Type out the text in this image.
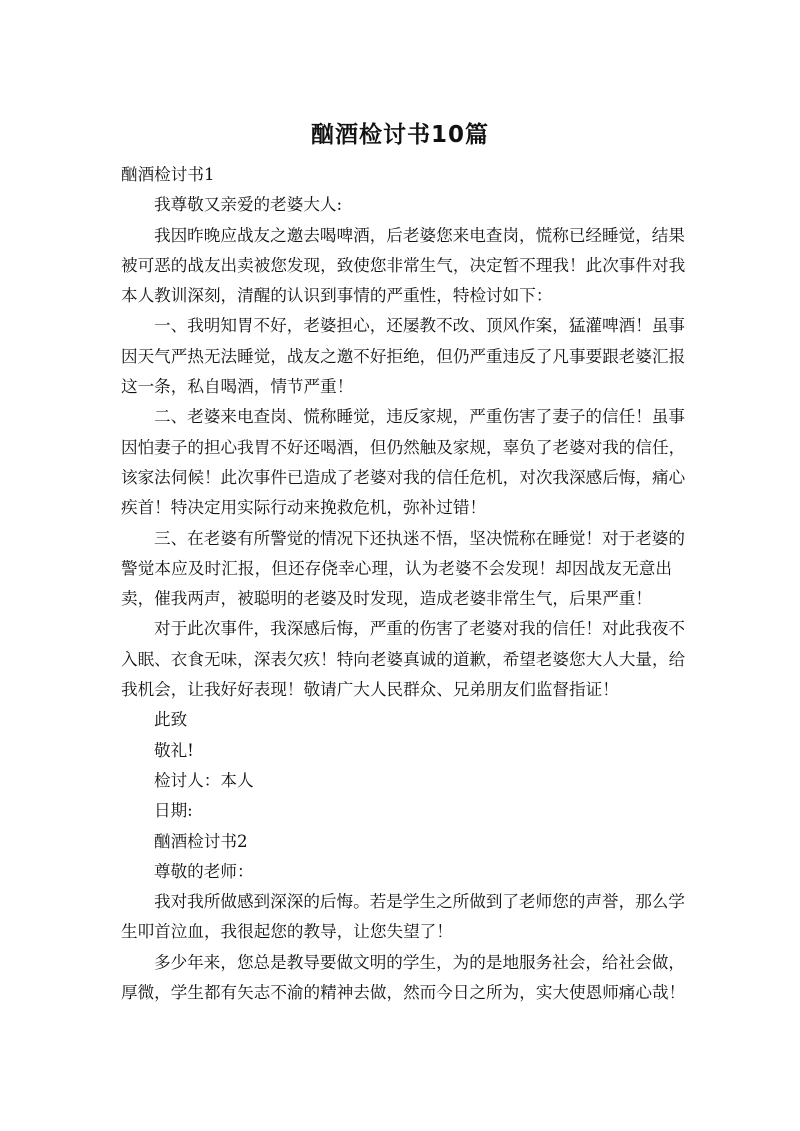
酗酒检讨书10篇
酗酒检讨书1
我尊敬又亲爱的老婆大人:
我因昨晚应战友之邀去喝啤酒，后老婆您来电查岗，慌称已经睡觉，结果
被可恶的战友出卖被您发现，致使您非常生气，决定暂不理我！此次事件对我
本人教训深刻，清醒的认识到事情的严重性，特检讨如下：
一、我明知胃不好，老婆担心，还屡教不改、顶风作案，猛灌啤酒！虽事
因天气严热无法睡觉，战友之邀不好拒绝，但仍严重违反了凡事要跟老婆汇报
这一条，私自喝酒，情节严重！
二、老婆来电查岗、慌称睡觉，违反家规，严重伤害了妻子的信任！虽事
因怕妻子的担心我胃不好还喝酒，但仍然触及家规，辜负了老婆对我的信任，
该家法伺候！此次事件已造成了老婆对我的信任危机，对次我深感后悔，痛心
疾首！特决定用实际行动来挽救危机，弥补过错！
三、在老婆有所警觉的情况下还执迷不悟，坚决慌称在睡觉！对于老婆的
警觉本应及时汇报，但还存侥幸心理，认为老婆不会发现！却因战友无意出
卖，催我两声，被聪明的老婆及时发现，造成老婆非常生气，后果严重！
对于此次事件，我深感后悔，严重的伤害了老婆对我的信任！对此我夜不
入眠、衣食无味，深表欠疚！特向老婆真诚的道歉，希望老婆您大人大量，给
我机会，让我好好表现！敬请广大人民群众、兄弟朋友们监督指证！
此致
敬礼!
检讨人：本人
日期:
酗酒检讨书2
尊敬的老师：
我对我所做感到深深的后悔。若是学生之所做到了老师您的声誉，那么学
生叩首泣血，我很起您的教导，让您失望了！
多少年来，您总是教导要做文明的学生，为的是地服务社会，给社会做，
厚微，学生都有矢志不渝的精神去做，然而今日之所为，实大使恩师痛心哉！
